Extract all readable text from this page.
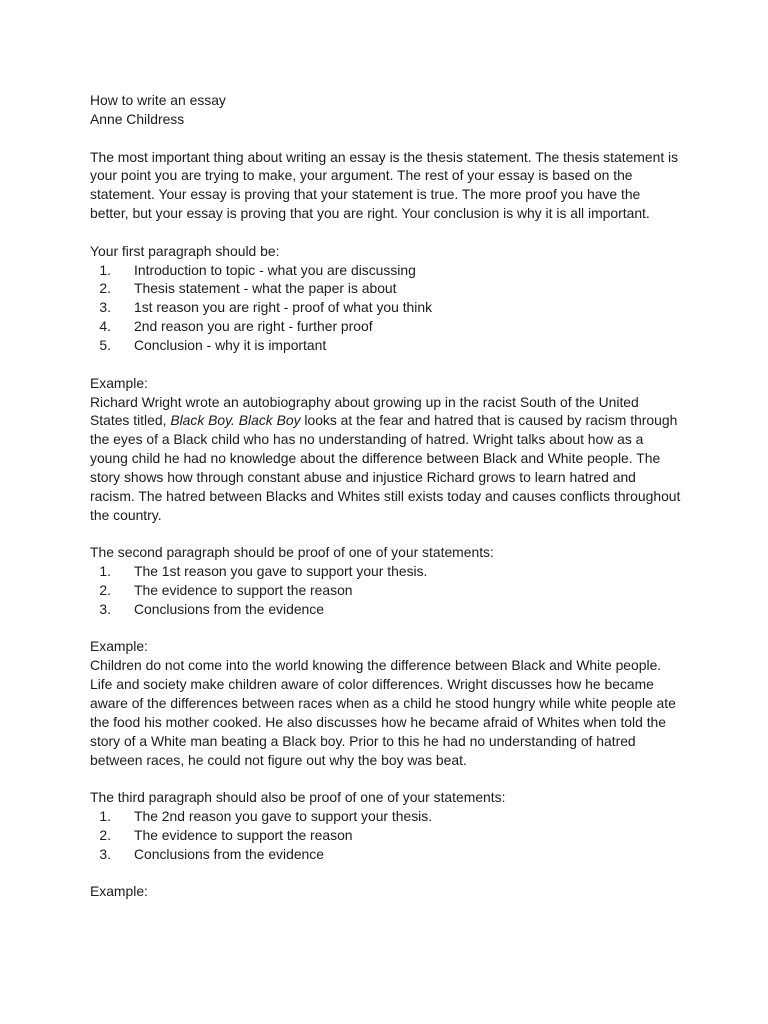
How to write an essay
Anne Childress
The most important thing about writing an essay is the thesis statement. The thesis statement is
your point you are trying to make, your argument. The rest of your essay is based on the
statement. Your essay is proving that your statement is true. The more proof you have the
better, but your essay is proving that you are right. Your conclusion is why it is all important.
Your first paragraph should be:
1. Introduction to topic - what you are discussing
2. Thesis statement - what the paper is about
3. 1st reason you are right - proof of what you think
4. 2nd reason you are right - further proof
5. Conclusion - why it is important
Example:
Richard Wright wrote an autobiography about growing up in the racist South of the United
States titled, Black Boy. Black Boy looks at the fear and hatred that is caused by racism through
the eyes of a Black child who has no understanding of hatred. Wright talks about how as a
young child he had no knowledge about the difference between Black and White people. The
story shows how through constant abuse and injustice Richard grows to learn hatred and
racism. The hatred between Blacks and Whites still exists today and causes conflicts throughout
the country.
The second paragraph should be proof of one of your statements:
1. The 1st reason you gave to support your thesis.
2. The evidence to support the reason
3. Conclusions from the evidence
Example:
Children do not come into the world knowing the difference between Black and White people.
Life and society make children aware of color differences. Wright discusses how he became
aware of the differences between races when as a child he stood hungry while white people ate
the food his mother cooked. He also discusses how he became afraid of Whites when told the
story of a White man beating a Black boy. Prior to this he had no understanding of hatred
between races, he could not figure out why the boy was beat.
The third paragraph should also be proof of one of your statements:
1. The 2nd reason you gave to support your thesis.
2. The evidence to support the reason
3. Conclusions from the evidence
Example:
